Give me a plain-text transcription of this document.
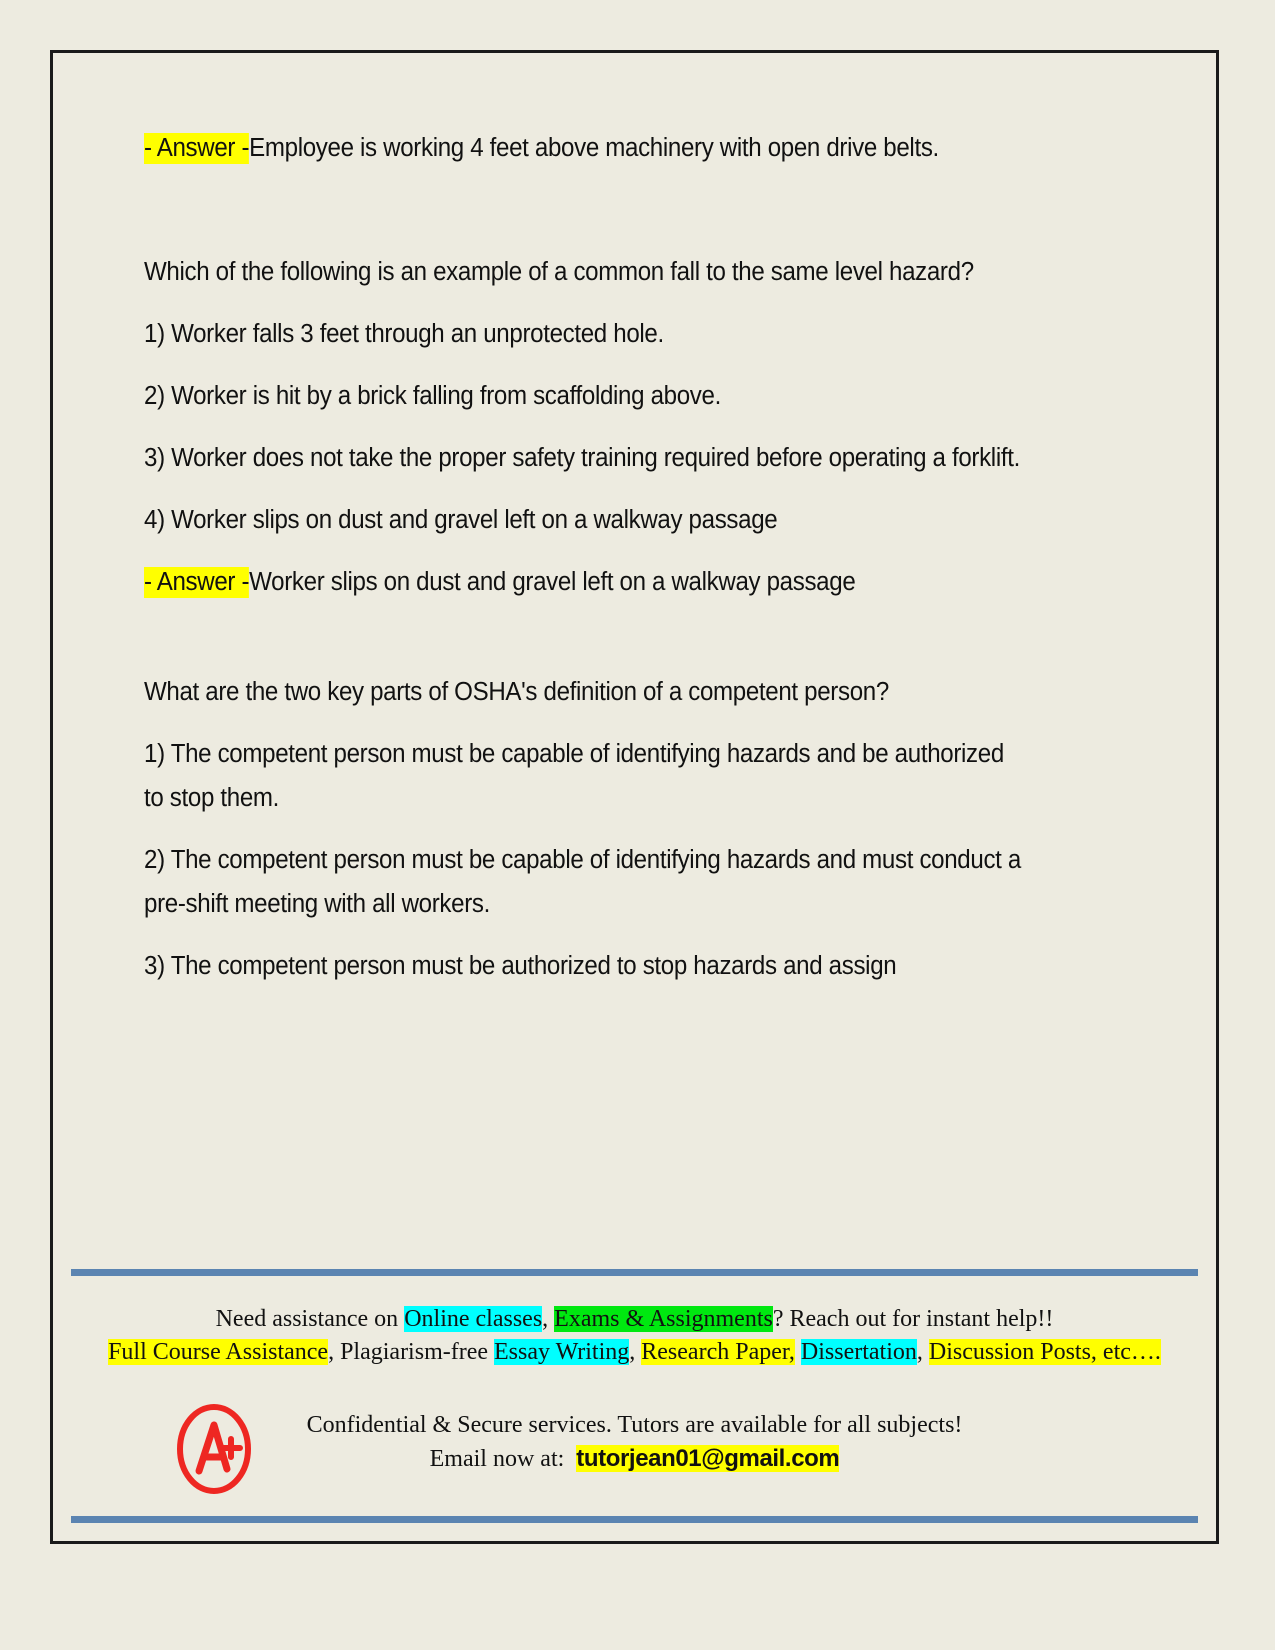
- Answer -Employee is working 4 feet above machinery with open drive belts.

Which of the following is an example of a common fall to the same level hazard?

1) Worker falls 3 feet through an unprotected hole.

2) Worker is hit by a brick falling from scaffolding above.

3) Worker does not take the proper safety training required before operating a forklift.

4) Worker slips on dust and gravel left on a walkway passage

- Answer -Worker slips on dust and gravel left on a walkway passage

What are the two key parts of OSHA's definition of a competent person?

1) The competent person must be capable of identifying hazards and be authorized to stop them.

2) The competent person must be capable of identifying hazards and must conduct a pre-shift meeting with all workers.

3) The competent person must be authorized to stop hazards and assign

Need assistance on Online classes, Exams & Assignments? Reach out for instant help!!
Full Course Assistance, Plagiarism-free Essay Writing, Research Paper, Dissertation, Discussion Posts, etc….
Confidential & Secure services. Tutors are available for all subjects!
Email now at: tutorjean01@gmail.com
